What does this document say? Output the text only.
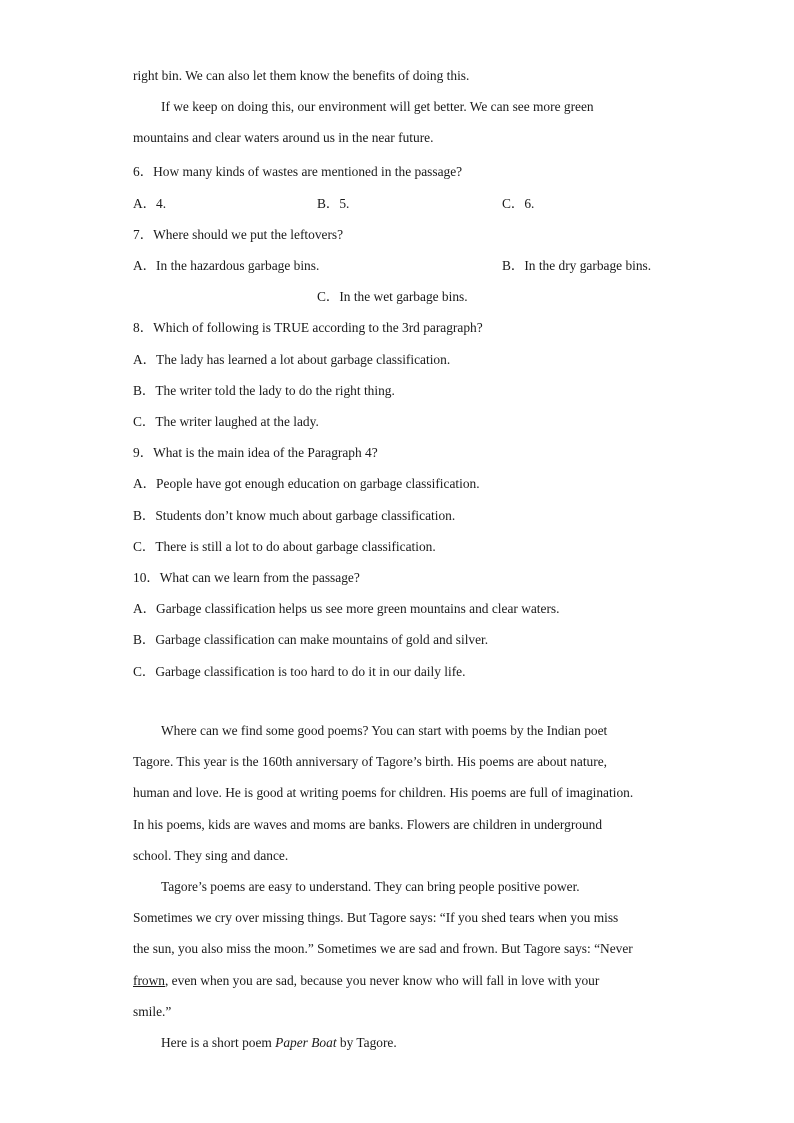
right bin. We can also let them know the benefits of doing this.
If we keep on doing this, our environment will get better. We can see more green
mountains and clear waters around us in the near future.
6．How many kinds of wastes are mentioned in the passage?
A．4.	B．5.	C．6.
7．Where should we put the leftovers?
A．In the hazardous garbage bins.	B．In the dry garbage bins.
C．In the wet garbage bins.
8．Which of following is TRUE according to the 3rd paragraph?
A．The lady has learned a lot about garbage classification.
B．The writer told the lady to do the right thing.
C．The writer laughed at the lady.
9．What is the main idea of the Paragraph 4?
A．People have got enough education on garbage classification.
B．Students don’t know much about garbage classification.
C．There is still a lot to do about garbage classification.
10．What can we learn from the passage?
A．Garbage classification helps us see more green mountains and clear waters.
B．Garbage classification can make mountains of gold and silver.
C．Garbage classification is too hard to do it in our daily life.
Where can we find some good poems? You can start with poems by the Indian poet
Tagore. This year is the 160th anniversary of Tagore’s birth. His poems are about nature,
human and love. He is good at writing poems for children. His poems are full of imagination.
In his poems, kids are waves and moms are banks. Flowers are children in underground
school. They sing and dance.
Tagore’s poems are easy to understand. They can bring people positive power.
Sometimes we cry over missing things. But Tagore says: “If you shed tears when you miss
the sun, you also miss the moon.” Sometimes we are sad and frown. But Tagore says: “Never
frown, even when you are sad, because you never know who will fall in love with your
smile.”
Here is a short poem Paper Boat by Tagore.
